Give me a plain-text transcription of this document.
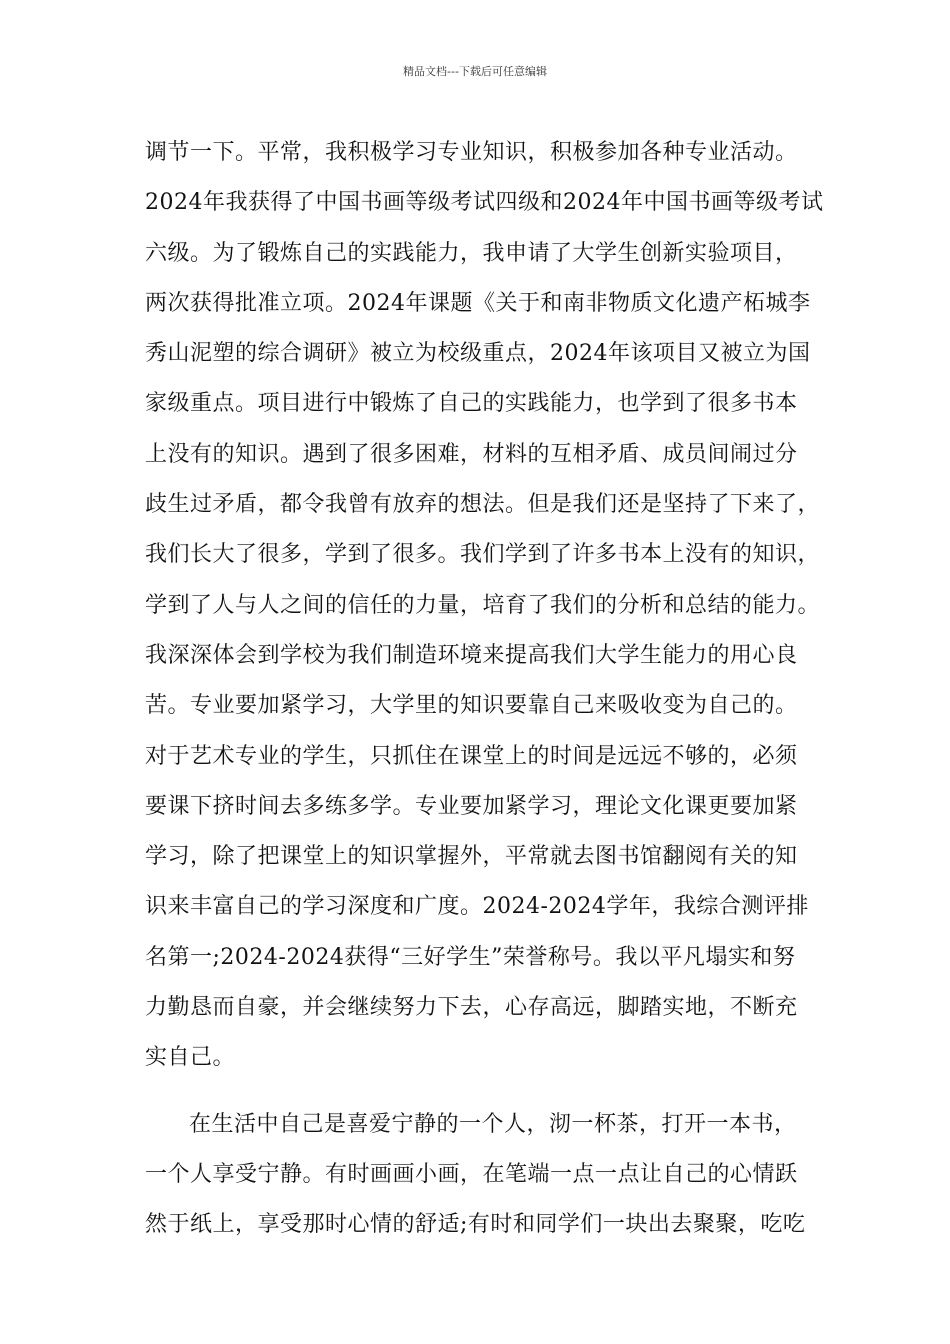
精品文档---下载后可任意编辑
调节一下。平常，我积极学习专业知识，积极参加各种专业活动。
2024年我获得了中国书画等级考试四级和2024年中国书画等级考试
六级。为了锻炼自己的实践能力，我申请了大学生创新实验项目，
两次获得批准立项。2024年课题《关于和南非物质文化遗产柘城李
秀山泥塑的综合调研》被立为校级重点，2024年该项目又被立为国
家级重点。项目进行中锻炼了自己的实践能力，也学到了很多书本
上没有的知识。遇到了很多困难，材料的互相矛盾、成员间闹过分
歧生过矛盾，都令我曾有放弃的想法。但是我们还是坚持了下来了，
我们长大了很多，学到了很多。我们学到了许多书本上没有的知识，
学到了人与人之间的信任的力量，培育了我们的分析和总结的能力。
我深深体会到学校为我们制造环境来提高我们大学生能力的用心良
苦。专业要加紧学习，大学里的知识要靠自己来吸收变为自己的。
对于艺术专业的学生，只抓住在课堂上的时间是远远不够的，必须
要课下挤时间去多练多学。专业要加紧学习，理论文化课更要加紧
学习，除了把课堂上的知识掌握外，平常就去图书馆翻阅有关的知
识来丰富自己的学习深度和广度。2024-2024学年，我综合测评排
名第一;2024-2024获得“三好学生”荣誉称号。我以平凡塌实和努
力勤恳而自豪，并会继续努力下去，心存高远，脚踏实地，不断充
实自己。
在生活中自己是喜爱宁静的一个人，沏一杯茶，打开一本书，
一个人享受宁静。有时画画小画，在笔端一点一点让自己的心情跃
然于纸上，享受那时心情的舒适;有时和同学们一块出去聚聚，吃吃
